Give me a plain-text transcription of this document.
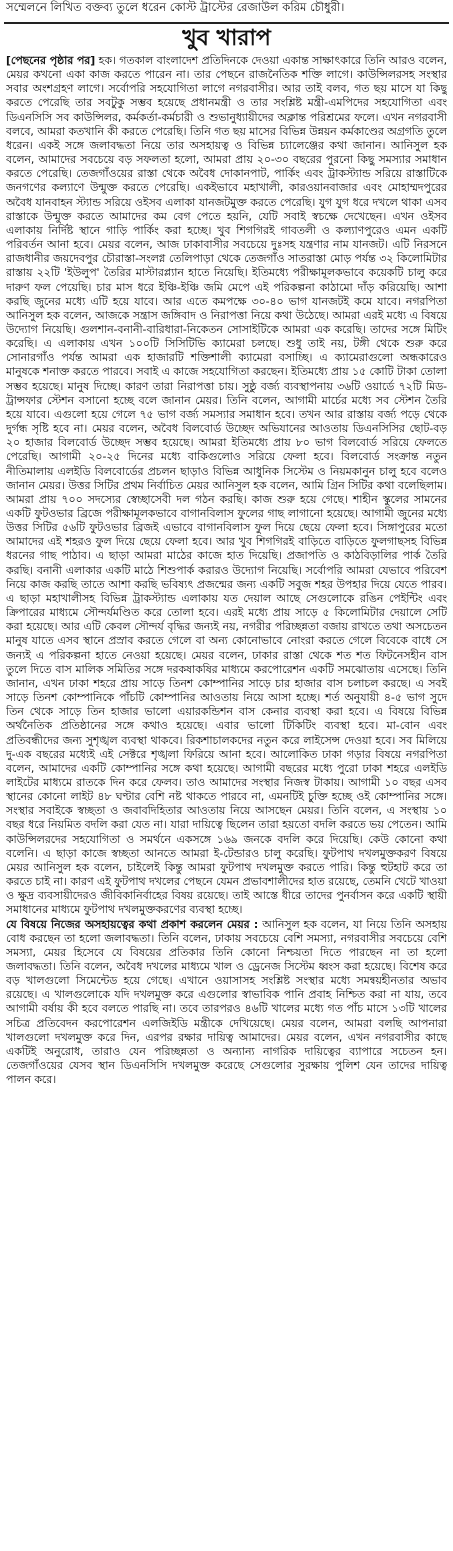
সম্মেলনে লিখিত বক্তব্য তুলে ধরেন কোস্ট ট্রাস্টের রেজাউল করিম চৌধুরী।
খুব খারাপ

[পেছনের পৃষ্ঠার পর] হক। গতকাল বাংলাদেশ প্রতিদিনকে দেওয়া একান্ত সাক্ষাৎকারে তিনি আরও বলেন, মেয়র কখনো একা কাজ করতে পারেন না। তার পেছনে রাজনৈতিক শক্তি লাগে। কাউন্সিলরসহ সংস্থার সবার অংশগ্রহণ লাগে। সর্বোপরি সহযোগিতা লাগে নগরবাসীর। আর তাই বলব, গত ছয় মাসে যা কিছু করতে পেরেছি তার সবটুকু সম্ভব হয়েছে প্রধানমন্ত্রী ও তার সংশ্লিষ্ট মন্ত্রী-এমপিদের সহযোগিতা এবং ডিএনসিসি সব কাউন্সিলর, কর্মকর্তা-কর্মচারী ও শুভানুধ্যায়ীদের অক্লান্ত পরিশ্রমের ফলে। এখন নগরবাসী বলবে, আমরা কতখানি কী করতে পেরেছি। তিনি গত ছয় মাসের বিভিন্ন উন্নয়ন কর্মকাণ্ডের অগ্রগতি তুলে ধরেন। একই সঙ্গে জলাবদ্ধতা নিয়ে তার অসহায়ত্ব ও বিভিন্ন চ্যালেঞ্জের কথা জানান। আনিসুল হক বলেন, আমাদের সবচেয়ে বড় সফলতা হলো, আমরা প্রায় ২০-৩০ বছরের পুরনো কিছু সমস্যার সমাধান করতে পেরেছি। তেজগাঁওয়ের রাস্তা থেকে অবৈধ দোকানপাট, পার্কিং এবং ট্রাকস্ট্যান্ড সরিয়ে রাস্তাটিকে জনগণের কল্যাণে উন্মুক্ত করতে পেরেছি। একইভাবে মহাখালী, কারওয়ানবাজার এবং মোহাম্মদপুরের অবৈধ যানবাহন স্ট্যান্ড সরিয়ে ওইসব এলাকা যানজটমুক্ত করতে পেরেছি। যুগ যুগ ধরে দখলে থাকা এসব রাস্তাকে উন্মুক্ত করতে আমাদের কম বেগ পেতে হয়নি, যেটি সবাই স্বচক্ষে দেখেছেন। এখন ওইসব এলাকায় নির্দিষ্ট স্থানে গাড়ি পার্কিং করা হচ্ছে। খুব শিগগিরই গাবতলী ও কল্যাণপুরেও এমন একটি পরিবর্তন আনা হবে। মেয়র বলেন, আজ ঢাকাবাসীর সবচেয়ে দুঃসহ যন্ত্রণার নাম যানজট। এটি নিরসনে রাজধানীর জয়দেবপুর চৌরাস্তা-সংলগ্ন তেলিপাড়া থেকে তেজগাঁও সাতরাস্তা মোড় পর্যন্ত ৩২ কিলোমিটার রাস্তায় ২২টি 'ইউলুপ' তৈরির মাস্টারপ্ল্যান হাতে নিয়েছি। ইতিমধ্যে পরীক্ষামূলকভাবে কয়েকটি চালু করে দারুণ ফল পেয়েছি। চার মাস ধরে ইঞ্চি-ইঞ্চি জমি মেপে এই পরিকল্পনা কাঠামো দাঁড় করিয়েছি। আশা করছি জুনের মধ্যে এটি হয়ে যাবে। আর এতে কমপক্ষে ৩০-৪০ ভাগ যানজটই কমে যাবে। নগরপিতা আনিসুল হক বলেন, আজকে সন্ত্রাস জঙ্গিবাদ ও নিরাপত্তা নিয়ে কথা উঠেছে। আমরা এরই মধ্যে এ বিষয়ে উদ্যোগ নিয়েছি। গুলশান-বনানী-বারিধারা-নিকেতন সোসাইটিকে আমরা এক করেছি। তাদের সঙ্গে মিটিং করেছি। এ এলাকায় এখন ১০০টি সিসিটিভি ক্যামেরা চলছে। শুধু তাই নয়, টঙ্গী থেকে শুরু করে সোনারগাঁও পর্যন্ত আমরা এক হাজারটি শক্তিশালী ক্যামেরা বসাচ্ছি। এ ক্যামেরাগুলো অন্ধকারেও মানুষকে শনাক্ত করতে পারবে। সবাই এ কাজে সহযোগিতা করছেন। ইতিমধ্যে প্রায় ১৫ কোটি টাকা তোলা সম্ভব হয়েছে। মানুষ দিচ্ছে। কারণ তারা নিরাপত্তা চায়। সুষ্ঠু বর্জ্য ব্যবস্থাপনায় ৩৬টি ওয়ার্ডে ৭২টি মিড-ট্রান্সফার স্টেশন বসানো হচ্ছে বলে জানান মেয়র। তিনি বলেন, আগামী মার্চের মধ্যে সব স্টেশন তৈরি হয়ে যাবে। এগুলো হয়ে গেলে ৭৫ ভাগ বর্জ্য সমস্যার সমাধান হবে। তখন আর রাস্তায় বর্জ্য পড়ে থেকে দুর্গন্ধ সৃষ্টি হবে না। মেয়র বলেন, অবৈধ বিলবোর্ড উচ্ছেদ অভিযানের আওতায় ডিএনসিসির ছোট-বড় ২০ হাজার বিলবোর্ড উচ্ছেদ সম্ভব হয়েছে। আমরা ইতিমধ্যে প্রায় ৮০ ভাগ বিলবোর্ড সরিয়ে ফেলতে পেরেছি। আগামী ২০-২৫ দিনের মধ্যে বাকিগুলোও সরিয়ে ফেলা হবে। বিলবোর্ড সংক্রান্ত নতুন নীতিমালায় এলইডি বিলবোর্ডের প্রচলন ছাড়াও বিভিন্ন আধুনিক সিস্টেম ও নিয়মকানুন চালু হবে বলেও জানান মেয়র। উত্তর সিটির প্রথম নির্বাচিত মেয়র আনিসুল হক বলেন, আমি গ্রিন সিটির কথা বলেছিলাম। আমরা প্রায় ৭০০ সদস্যের স্বেচ্ছাসেবী দল গঠন করছি। কাজ শুরু হয়ে গেছে। শাহীন স্কুলের সামনের একটি ফুটওভার ব্রিজে পরীক্ষামূলকভাবে বাগানবিলাস ফুলের গাছ লাগানো হয়েছে। আগামী জুনের মধ্যে উত্তর সিটির ৫৬টি ফুটওভার ব্রিজই এভাবে বাগানবিলাস ফুল দিয়ে ছেয়ে ফেলা হবে। সিঙ্গাপুরের মতো আমাদের এই শহরও ফুল দিয়ে ছেয়ে ফেলা হবে। আর খুব শিগগিরই বাড়িতে বাড়িতে ফুলগাছসহ বিভিন্ন ধরনের গাছ পাঠাব। এ ছাড়া আমরা মাঠের কাজে হাত দিয়েছি। প্রজাপতি ও কাঠবিড়ালির পার্ক তৈরি করছি। বনানী এলাকার একটি মাঠে শিশুপার্ক করারও উদ্যোগ নিয়েছি। সর্বোপরি আমরা যেভাবে পরিবেশ নিয়ে কাজ করছি তাতে আশা করছি ভবিষ্যৎ প্রজন্মের জন্য একটি সবুজ শহর উপহার দিয়ে যেতে পারব। এ ছাড়া মহাখালীসহ বিভিন্ন ট্রাকস্ট্যান্ড এলাকায় যত দেয়াল আছে সেগুলোকে রঙিন পেইন্টিং এবং ক্রিপারের মাধ্যমে সৌন্দর্যমণ্ডিত করে তোলা হবে। এরই মধ্যে প্রায় সাড়ে ৫ কিলোমিটার দেয়ালে সেটি করা হয়েছে। আর এটি কেবল সৌন্দর্য বৃদ্ধির জন্যই নয়, নগরীর পরিচ্ছন্নতা বজায় রাখতে তথা অসচেতন মানুষ যাতে এসব স্থানে প্রস্রাব করতে গেলে বা অন্য কোনোভাবে নোংরা করতে গেলে বিবেকে বাধে সে জন্যই এ পরিকল্পনা হাতে নেওয়া হয়েছে। মেয়র বলেন, ঢাকার রাস্তা থেকে শত শত ফিটনেসহীন বাস তুলে দিতে বাস মালিক সমিতির সঙ্গে দরকষাকষির মাধ্যমে করপোরেশন একটি সমঝোতায় এসেছে। তিনি জানান, এখন ঢাকা শহরে প্রায় সাড়ে তিনশ কোম্পানির সাড়ে চার হাজার বাস চলাচল করছে। এ সবই সাড়ে তিনশ কোম্পানিকে পাঁচটি কোম্পানির আওতায় নিয়ে আসা হচ্ছে। শর্ত অনুযায়ী ৪-৫ ভাগ সুদে তিন থেকে সাড়ে তিন হাজার ভালো এয়ারকন্ডিশন বাস কেনার ব্যবস্থা করা হবে। এ বিষয়ে বিভিন্ন অর্থনৈতিক প্রতিষ্ঠানের সঙ্গে কথাও হয়েছে। এবার ভালো টিকিটিং ব্যবস্থা হবে। মা-বোন এবং প্রতিবন্ধীদের জন্য সুশৃঙ্খল ব্যবস্থা থাকবে। রিকশাচালকদের নতুন করে লাইসেন্স দেওয়া হবে। সব মিলিয়ে দু-এক বছরের মধ্যেই এই সেক্টরে শৃঙ্খলা ফিরিয়ে আনা হবে। আলোকিত ঢাকা গড়ার বিষয়ে নগরপিতা বলেন, আমাদের একটি কোম্পানির সঙ্গে কথা হয়েছে। আগামী বছরের মধ্যে পুরো ঢাকা শহরে এলইডি লাইটের মাধ্যমে রাতকে দিন করে ফেলব। তাও আমাদের সংস্থার নিজস্ব টাকায়। আগামী ১০ বছর এসব স্থানের কোনো লাইট ৪৮ ঘণ্টার বেশি নষ্ট থাকতে পারবে না, এমনটিই চুক্তি হচ্ছে ওই কোম্পানির সঙ্গে। সংস্থার সবাইকে স্বচ্ছতা ও জবাবদিহিতার আওতায় নিয়ে আসছেন মেয়র। তিনি বলেন, এ সংস্থায় ১০ বছর ধরে নিয়মিত বদলি করা যেত না। যারা দায়িত্বে ছিলেন তারা হয়তো বদলি করতে ভয় পেতেন। আমি কাউন্সিলরদের সহযোগিতা ও সমর্থনে একসঙ্গে ১৬৯ জনকে বদলি করে দিয়েছি। কেউ কোনো কথা বলেনি। এ ছাড়া কাজে স্বচ্ছতা আনতে আমরা ই-টেন্ডারও চালু করেছি। ফুটপাথ দখলমুক্তকরণ বিষয়ে মেয়র আনিসুল হক বলেন, চাইলেই কিন্তু আমরা ফুটপাথ দখলমুক্ত করতে পারি। কিন্তু হুটহাট করে তা করতে চাই না। কারণ এই ফুটপাথ দখলের পেছনে যেমন প্রভাবশালীদের হাত রয়েছে, তেমনি খেটে খাওয়া ও ক্ষুদ্র ব্যবসায়ীদেরও জীবিকানির্বাহের বিষয় রয়েছে। তাই আস্তে ধীরে তাদের পুনর্বাসন করে একটি স্থায়ী সমাধানের মাধ্যমে ফুটপাথ দখলমুক্তকরণের ব্যবস্থা হচ্ছে।

যে বিষয়ে নিজের অসহায়ত্বের কথা প্রকাশ করলেন মেয়র : আনিসুল হক বলেন, যা নিয়ে তিনি অসহায় বোধ করছেন তা হলো জলাবদ্ধতা। তিনি বলেন, ঢাকায় সবচেয়ে বেশি সমস্যা, নগরবাসীর সবচেয়ে বেশি সমস্যা, মেয়র হিসেবে যে বিষয়ের প্রতিকার তিনি কোনো নিশ্চয়তা দিতে পারছেন না তা হলো জলাবদ্ধতা। তিনি বলেন, অবৈধ দখলের মাধ্যমে খাল ও ড্রেনেজ সিস্টেম ধ্বংস করা হয়েছে। বিশেষ করে বড় খালগুলো সিমেন্টেড হয়ে গেছে। এখানে ওয়াসাসহ সংশ্লিষ্ট সংস্থার মধ্যে সমন্বয়হীনতার অভাব রয়েছে। এ খালগুলোকে যদি দখলমুক্ত করে এগুলোর স্বাভাবিক পানি প্রবাহ নিশ্চিত করা না যায়, তবে আগামী বর্ষায় কী হবে বলতে পারছি না। তবে তারপরও ৪৬টি খালের মধ্যে গত পাঁচ মাসে ১৩টি খালের সচিত্র প্রতিবেদন করপোরেশন এলজিইডি মন্ত্রীকে দেখিয়েছে। মেয়র বলেন, আমরা বলছি আপনারা খালগুলো দখলমুক্ত করে দিন, এরপর রক্ষার দায়িত্ব আমাদের। মেয়র বলেন, এখন নগরবাসীর কাছে একটিই অনুরোধ, তারাও যেন পরিচ্ছন্নতা ও অন্যান্য নাগরিক দায়িত্বের ব্যাপারে সচেতন হন। তেজগাঁওয়ের যেসব স্থান ডিএনসিসি দখলমুক্ত করেছে সেগুলোর সুরক্ষায় পুলিশ যেন তাদের দায়িত্ব পালন করে।
